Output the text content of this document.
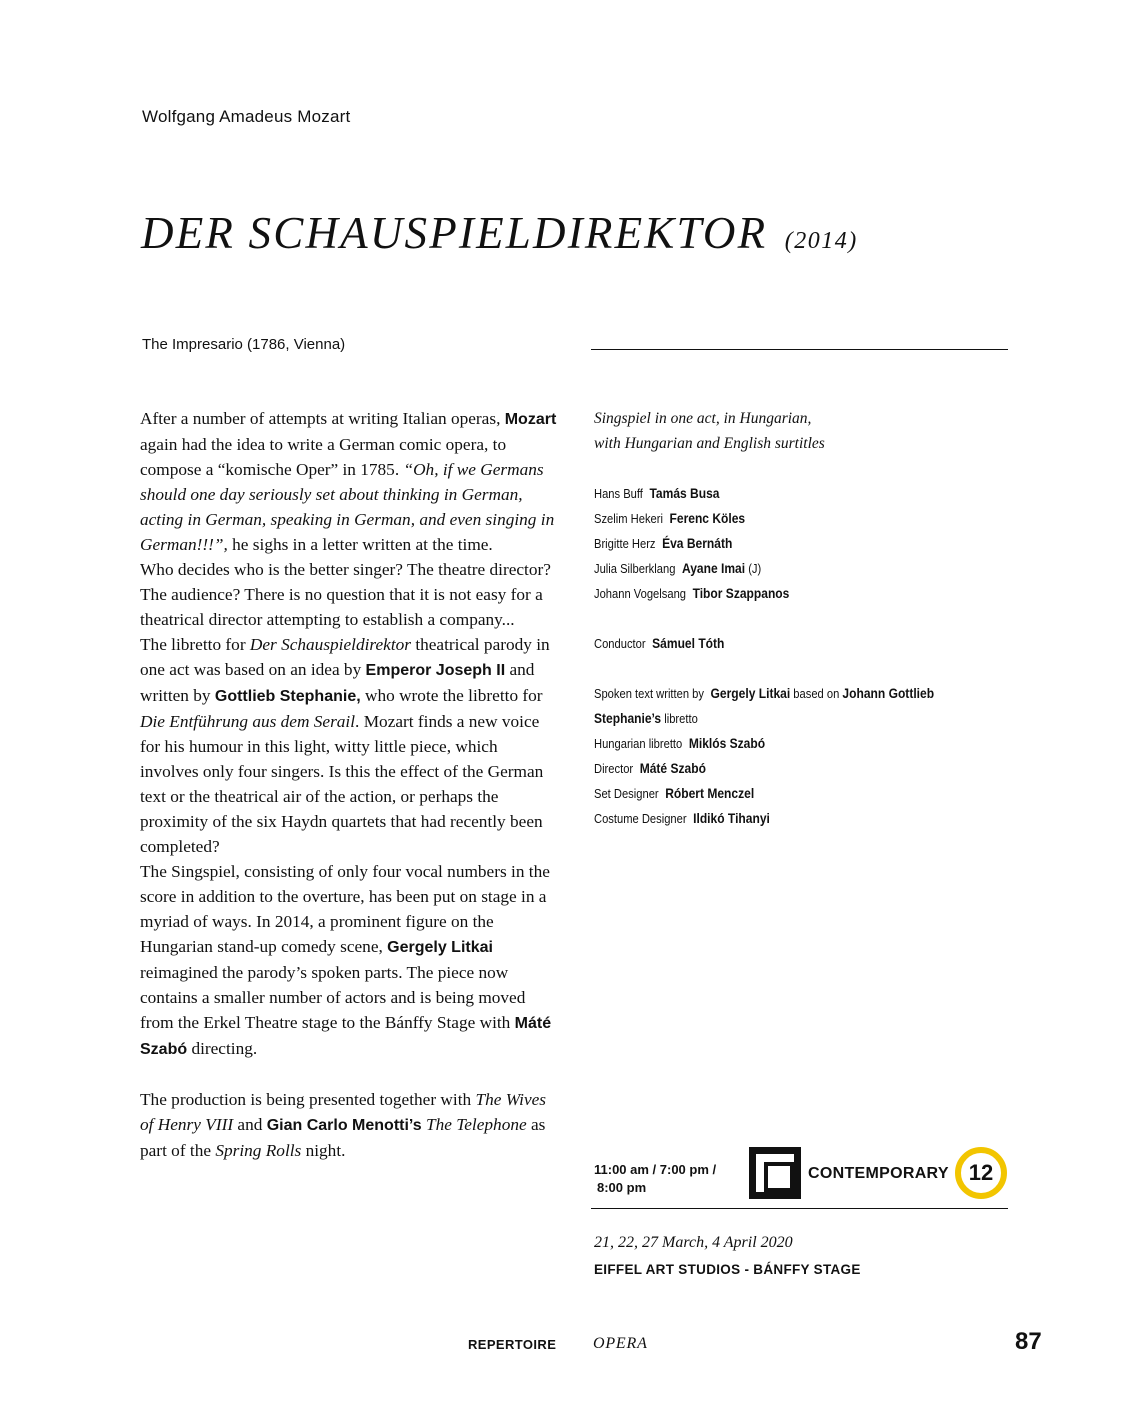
Wolfgang Amadeus Mozart
DER SCHAUSPIELDIREKTOR (2014)
The Impresario (1786, Vienna)

After a number of attempts at writing Italian operas, Mozart again had the idea to write a German comic opera, to compose a “komische Oper” in 1785. “Oh, if we Germans should one day seriously set about thinking in German, acting in German, speaking in German, and even singing in German!!!”, he sighs in a letter written at the time.

Who decides who is the better singer? The theatre director? The audience? There is no question that it is not easy for a theatrical director attempting to establish a company...

The libretto for Der Schauspieldirektor theatrical parody in one act was based on an idea by Emperor Joseph II and written by Gottlieb Stephanie, who wrote the libretto for Die Entführung aus dem Serail. Mozart finds a new voice for his humour in this light, witty little piece, which involves only four singers. Is this the effect of the German text or the theatrical air of the action, or perhaps the proximity of the six Haydn quartets that had recently been completed?

The Singspiel, consisting of only four vocal numbers in the score in addition to the overture, has been put on stage in a myriad of ways. In 2014, a prominent figure on the Hungarian stand-up comedy scene, Gergely Litkai reimagined the parody’s spoken parts. The piece now contains a smaller number of actors and is being moved from the Erkel Theatre stage to the Bánffy Stage with Máté Szabó directing.

The production is being presented together with The Wives of Henry VIII and Gian Carlo Menotti’s The Telephone as part of the Spring Rolls night.

Singspiel in one act, in Hungarian,
with Hungarian and English surtitles
Hans Buff Tamás Busa
Szelim Hekeri Ferenc Köles
Brigitte Herz Éva Bernáth
Julia Silberklang Ayane Imai (J)
Johann Vogelsang Tibor Szappanos
Conductor Sámuel Tóth
Spoken text written by Gergely Litkai based on Johann Gottlieb
Stephanie’s libretto
Hungarian libretto Miklós Szabó
Director Máté Szabó
Set Designer Róbert Menczel
Costume Designer Ildikó Tihanyi
11:00 am / 7:00 pm /
8:00 pm
CONTEMPORARY 12
21, 22, 27 March, 4 April 2020
EIFFEL ART STUDIOS - BÁNFFY STAGE
REPERTOIRE OPERA	87
